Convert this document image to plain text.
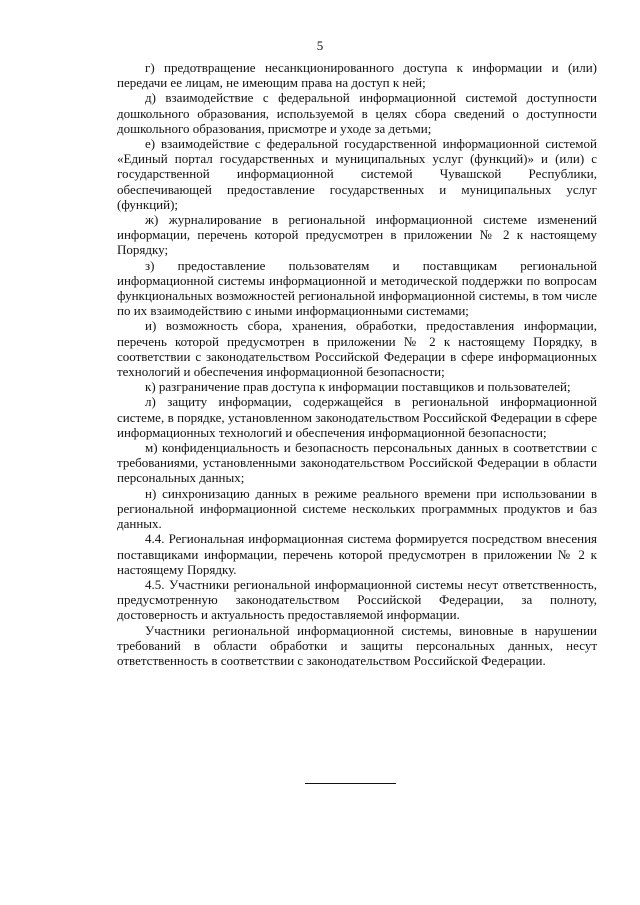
5

г) предотвращение несанкционированного доступа к информации и (или) передачи ее лицам, не имеющим права на доступ к ней;

д) взаимодействие с федеральной информационной системой доступности дошкольного образования, используемой в целях сбора сведений о доступности дошкольного образования, присмотре и уходе за детьми;

е) взаимодействие с федеральной государственной информационной системой «Единый портал государственных и муниципальных услуг (функций)» и (или) с государственной информационной системой Чувашской Республики, обеспечивающей предоставление государственных и муниципальных услуг (функций);

ж) журналирование в региональной информационной системе изменений информации, перечень которой предусмотрен в приложении № 2 к настоящему Порядку;

з) предоставление пользователям и поставщикам региональной информационной системы информационной и методической поддержки по вопросам функциональных возможностей региональной информационной системы, в том числе по их взаимодействию с иными информационными системами;

и) возможность сбора, хранения, обработки, предоставления информации, перечень которой предусмотрен в приложении № 2 к настоящему Порядку, в соответствии с законодательством Российской Федерации в сфере информационных технологий и обеспечения информационной безопасности;

к) разграничение прав доступа к информации поставщиков и пользователей;

л) защиту информации, содержащейся в региональной информационной системе, в порядке, установленном законодательством Российской Федерации в сфере информационных технологий и обеспечения информационной безопасности;

м) конфиденциальность и безопасность персональных данных в соответствии с требованиями, установленными законодательством Российской Федерации в области персональных данных;

н) синхронизацию данных в режиме реального времени при использовании в региональной информационной системе нескольких программных продуктов и баз данных.

4.4. Региональная информационная система формируется посредством внесения поставщиками информации, перечень которой предусмотрен в приложении № 2 к настоящему Порядку.

4.5. Участники региональной информационной системы несут ответственность, предусмотренную законодательством Российской Федерации, за полноту, достоверность и актуальность предоставляемой информации.

Участники региональной информационной системы, виновные в нарушении требований в области обработки и защиты персональных данных, несут ответственность в соответствии с законодательством Российской Федерации.
